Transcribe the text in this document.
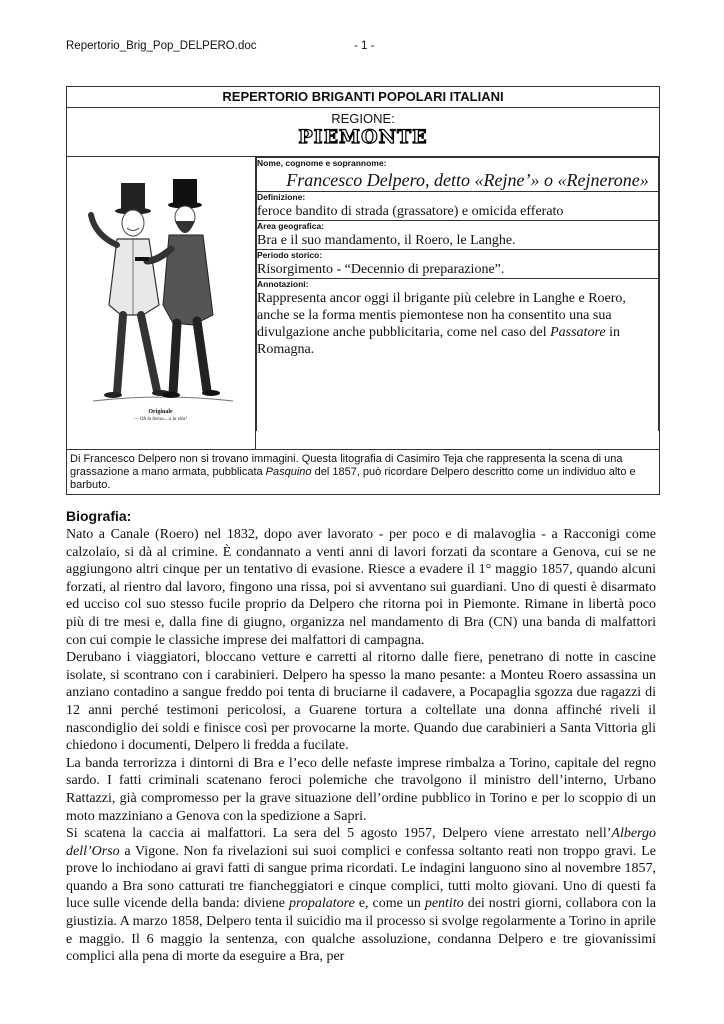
Repertorio_Brig_Pop_DELPERO.doc	- 1 -
REPERTORIO BRIGANTI POPOLARI ITALIANI

REGIONE:
PIEMONTE

Originale
— Oh la borsa... o la vita!

Nome, cognome e soprannome:
Francesco Delpero, detto «Rejne’» o «Rejnerone»

Definizione:
feroce bandito di strada (grassatore) e omicida efferato

Area geografica:
Bra e il suo mandamento, il Roero, le Langhe.

Periodo storico:
Risorgimento - “Decennio di preparazione”.

Annotazioni:
Rappresenta ancor oggi il brigante più celebre in Langhe e Roero, anche se la forma mentis piemontese non ha consentito una sua divulgazione anche pubblicitaria, come nel caso del Passatore in Romagna.

Di Francesco Delpero non si trovano immagini. Questa litografia di Casimiro Teja che rappresenta la scena di una grassazione a mano armata, pubblicata Pasquino del 1857, può ricordare Delpero descritto come un individuo alto e barbuto.
Biografia:

Nato a Canale (Roero) nel 1832, dopo aver lavorato - per poco e di malavoglia - a Racconigi come calzolaio, si dà al crimine. È condannato a venti anni di lavori forzati da scontare a Genova, cui se ne aggiungono altri cinque per un tentativo di evasione. Riesce a evadere il 1° maggio 1857, quando alcuni forzati, al rientro dal lavoro, fingono una rissa, poi si avventano sui guardiani. Uno di questi è disarmato ed ucciso col suo stesso fucile proprio da Delpero che ritorna poi in Piemonte. Rimane in libertà poco più di tre mesi e, dalla fine di giugno, organizza nel mandamento di Bra (CN) una banda di malfattori con cui compie le classiche imprese dei malfattori di campagna.

Derubano i viaggiatori, bloccano vetture e carretti al ritorno dalle fiere, penetrano di notte in cascine isolate, si scontrano con i carabinieri. Delpero ha spesso la mano pesante: a Monteu Roero assassina un anziano contadino a sangue freddo poi tenta di bruciarne il cadavere, a Pocapaglia sgozza due ragazzi di 12 anni perché testimoni pericolosi, a Guarene tortura a coltellate una donna affinché riveli il nascondiglio dei soldi e finisce così per provocarne la morte. Quando due carabinieri a Santa Vittoria gli chiedono i documenti, Delpero li fredda a fucilate.

La banda terrorizza i dintorni di Bra e l’eco delle nefaste imprese rimbalza a Torino, capitale del regno sardo. I fatti criminali scatenano feroci polemiche che travolgono il ministro dell’interno, Urbano Rattazzi, già compromesso per la grave situazione dell’ordine pubblico in Torino e per lo scoppio di un moto mazziniano a Genova con la spedizione a Sapri.

Si scatena la caccia ai malfattori. La sera del 5 agosto 1957, Delpero viene arrestato nell’Albergo dell’Orso a Vigone. Non fa rivelazioni sui suoi complici e confessa soltanto reati non troppo gravi. Le prove lo inchiodano ai gravi fatti di sangue prima ricordati. Le indagini languono sino al novembre 1857, quando a Bra sono catturati tre fiancheggiatori e cinque complici, tutti molto giovani. Uno di questi fa luce sulle vicende della banda: diviene propalatore e, come un pentito dei nostri giorni, collabora con la giustizia. A marzo 1858, Delpero tenta il suicidio ma il processo si svolge regolarmente a Torino in aprile e maggio. Il 6 maggio la sentenza, con qualche assoluzione, condanna Delpero e tre giovanissimi complici alla pena di morte da eseguire a Bra, per
